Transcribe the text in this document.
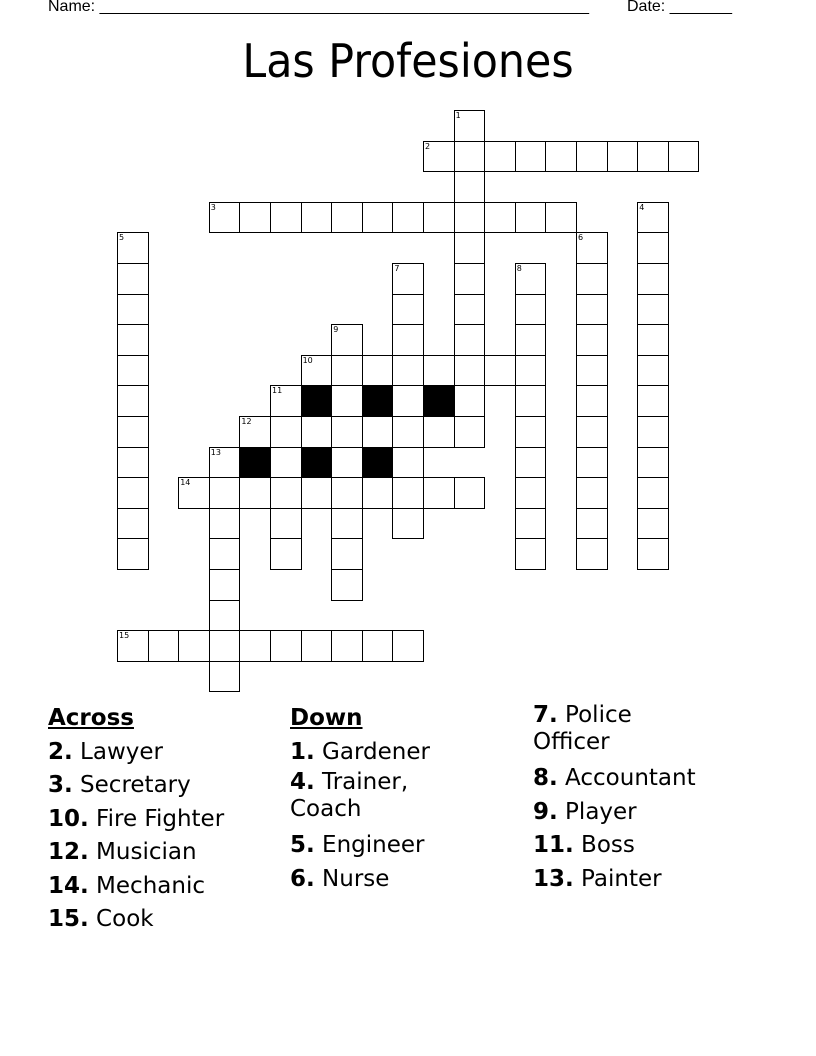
Name: _______________________________________________________ Date: _______
Las Profesiones
1
2
3	4
5	6
7	8
9
10
11
12
13
14
15
Across
2. Lawyer
3. Secretary
10. Fire Fighter
12. Musician
14. Mechanic
15. Cook
Down
1. Gardener
4. Trainer, Coach
5. Engineer
6. Nurse
7. Police Officer
8. Accountant
9. Player
11. Boss
13. Painter
